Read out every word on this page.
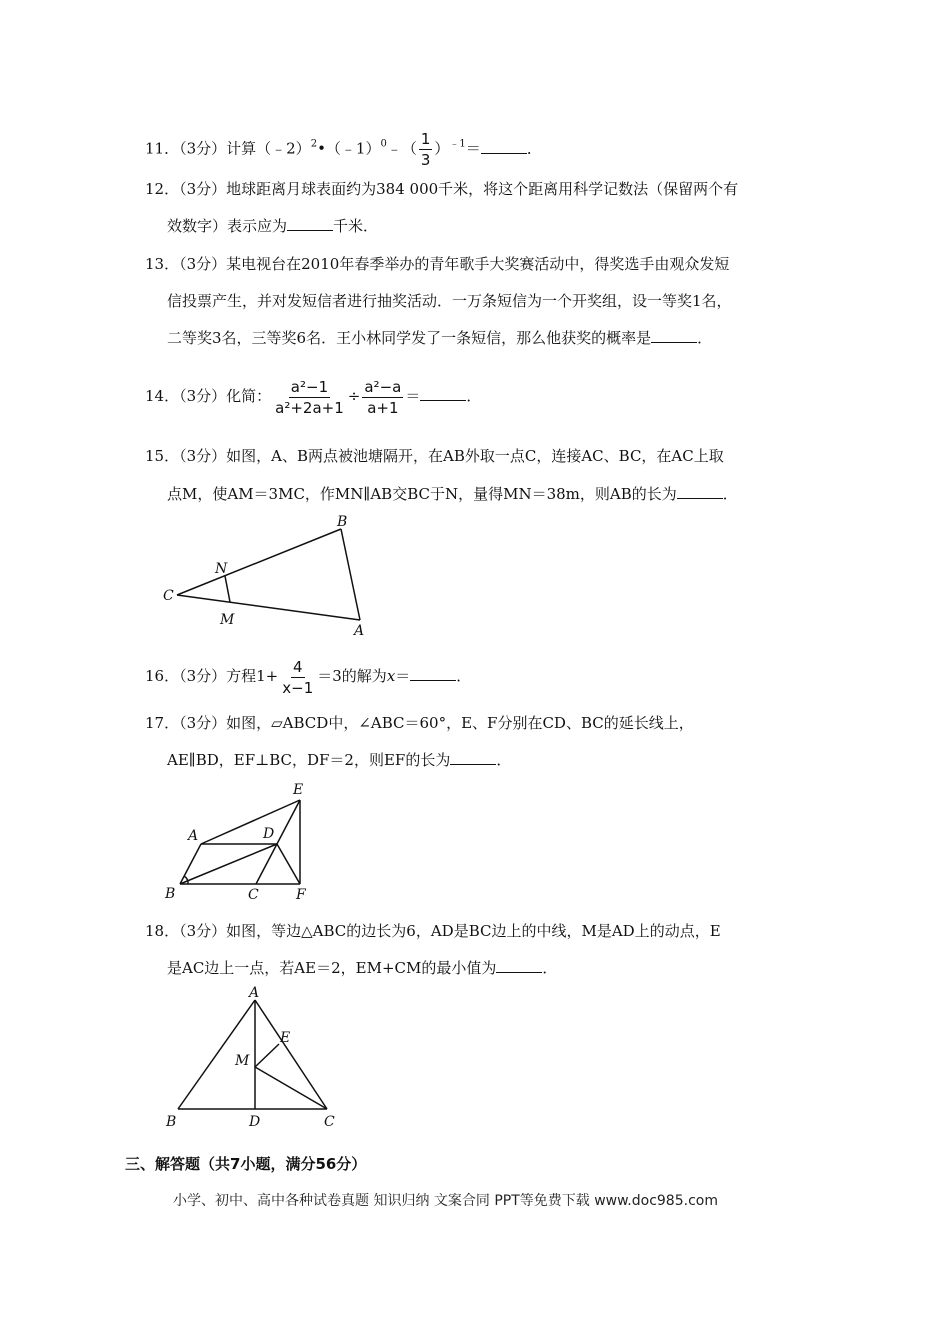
11．（3分）计算（﹣2）$^2$•（﹣1）$^0$﹣（ $\frac{1}{3} )^{﹣1}=$	．
12．（3分）地球距离月球表面约为384 000千米，将这个距离用科学记数法（保留两个有
效数字）表示应为	千米．
13．（3分）某电视台在2010年春季举办的青年歌手大奖赛活动中，得奖选手由观众发短
信投票产生，并对发短信者进行抽奖活动．一万条短信为一个开奖组，设一等奖1名，
二等奖3名，三等奖6名．王小林同学发了一条短信，那么他获奖的概率是	．
14．（3分）化简： $\frac{\text{a²−1}}{\text{a²+2a+1}} \div \frac{\text{a²−a}}{a+1}$ ＝	．
15．（3分）如图，A、B两点被池塘隔开，在AB外取一点C，连接AC、BC，在AC上取
点M，使AM＝3MC，作MN∥AB交BC于N，量得MN＝38m，则AB的长为	．
B
N
C
M
A
16．（3分）方程$1+ \frac{4}{x-1} =3$的解为x＝	．
17．（3分）如图，▱ABCD中，∠ABC＝60°，E、F分别在CD、BC的延长线上，
AE∥BD，EF⊥BC，DF＝2，则EF的长为	．
E
A	D
B	C	F
18．（3分）如图，等边△ABC的边长为6，AD是BC边上的中线，M是AD上的动点，E
是AC边上一点，若AE＝2，EM+CM的最小值为	．
A
E
M
B	D	C
三、解答题（共7小题，满分56分）
小学、初中、高中各种试卷真题 知识归纳 文案合同 PPT等免费下载 www.doc985.com
